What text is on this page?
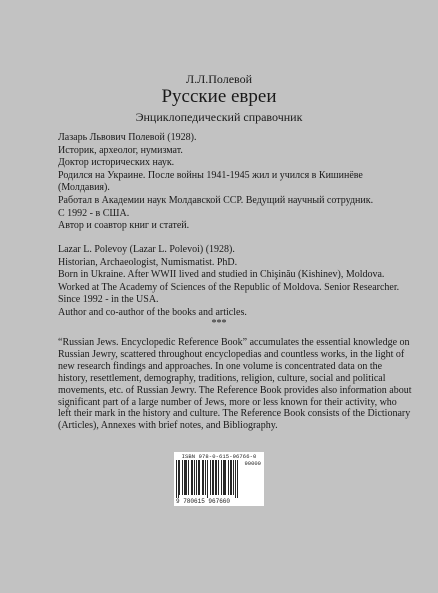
Л.Л.Полевой
Русские евреи
Энциклопедический справочник
Лазарь Львович Полевой (1928).
Историк, археолог, нумизмат.
Доктор исторических наук.
Родился на Украине. После войны 1941-1945 жил и учился в Кишинёве
(Молдавия).
Работал в Академии наук Молдавской ССР. Ведущий научный сотрудник.
С 1992 - в США.
Автор и соавтор книг и статей.
Lazar L. Polevoy (Lazar L. Polevoi) (1928).
Historian, Archaeologist, Numismatist. PhD.
Born in Ukraine. After WWII lived and studied in Chişinău (Kishinev), Moldova.
Worked at The Academy of Sciences of the Republic of Moldova. Senior Researcher.
Since 1992 - in the USA.
Author and co-author of the books and articles.
***
“Russian Jews. Encyclopedic Reference Book” accumulates the essential knowledge on
Russian Jewry, scattered throughout encyclopedias and countless works, in the light of
new research findings and approaches. In one volume is concentrated data on the
history, resettlement, demography, traditions, religion, culture, social and political
movements, etc. of Russian Jewry. The Reference Book provides also information about
significant part of a large number of Jews, more or less known for their activity, who
left their mark in the history and culture. The Reference Book consists of the Dictionary
(Articles), Annexes with brief notes, and Bibliography.
ISBN 978-0-615-96766-0
90000
9 780615 967660
